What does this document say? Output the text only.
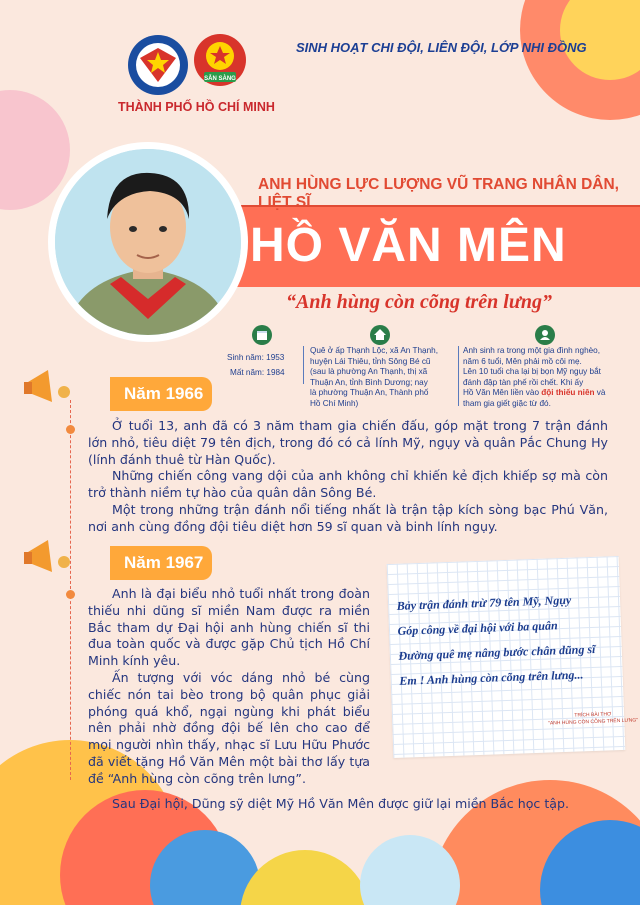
SẴN SÀNG
THÀNH PHỐ HỒ CHÍ MINH
SINH HOẠT CHI ĐỘI, LIÊN ĐỘI, LỚP NHI ĐỒNG
ANH HÙNG LỰC LƯỢNG VŨ TRANG NHÂN DÂN, LIỆT SĨ
HỒ VĂN MÊN
“Anh hùng còn cõng trên lưng”
Sinh năm: 1953
Mất năm: 1984
Quê ở ấp Thạnh Lộc, xã An Thạnh,
huyện Lái Thiêu, tỉnh Sông Bé cũ
(sau là phường An Thạnh, thị xã
Thuận An, tỉnh Bình Dương; nay
là phường Thuận An, Thành phố
Hồ Chí Minh)
Anh sinh ra trong một gia đình nghèo,
năm 6 tuổi, Mên phải mồ côi mẹ.
Lên 10 tuổi cha lại bị bọn Mỹ ngụy bắt
đánh đập tàn phế rồi chết. Khi ấy
Hồ Văn Mên liền vào đội thiếu niên và
tham gia giết giặc từ đó.
Năm 1966

Ở tuổi 13, anh đã có 3 năm tham gia chiến đấu, góp mặt trong 7 trận đánh lớn nhỏ, tiêu diệt 79 tên địch, trong đó có cả lính Mỹ, ngụy và quân Pắc Chung Hy (lính đánh thuê từ Hàn Quốc).

Những chiến công vang dội của anh không chỉ khiến kẻ địch khiếp sợ mà còn trở thành niềm tự hào của quân dân Sông Bé.

Một trong những trận đánh nổi tiếng nhất là trận tập kích sòng bạc Phú Văn, nơi anh cùng đồng đội tiêu diệt hơn 59 sĩ quan và binh lính ngụy.

Năm 1967

Anh là đại biểu nhỏ tuổi nhất trong đoàn thiếu nhi dũng sĩ miền Nam được ra miền Bắc tham dự Đại hội anh hùng chiến sĩ thi đua toàn quốc và được gặp Chủ tịch Hồ Chí Minh kính yêu.

Ấn tượng với vóc dáng nhỏ bé cùng chiếc nón tai bèo trong bộ quân phục giải phóng quá khổ, ngại ngùng khi phát biểu nên phải nhờ đồng đội bế lên cho cao để mọi người nhìn thấy, nhạc sĩ Lưu Hữu Phước đã viết tặng Hồ Văn Mên một bài thơ lấy tựa đề “Anh hùng còn cõng trên lưng”.

Sau Đại hội, Dũng sỹ diệt Mỹ Hồ Văn Mên được giữ lại miền Bắc học tập.

Bảy trận đánh trừ 79 tên Mỹ, Ngụy
Góp công về đại hội với ba quân
Đường quê mẹ nâng bước chân dũng sĩ
Em ! Anh hùng còn cõng trên lưng...
TRÍCH BÀI THƠ
"ANH HÙNG CÒN CÕNG TRÊN LƯNG"
